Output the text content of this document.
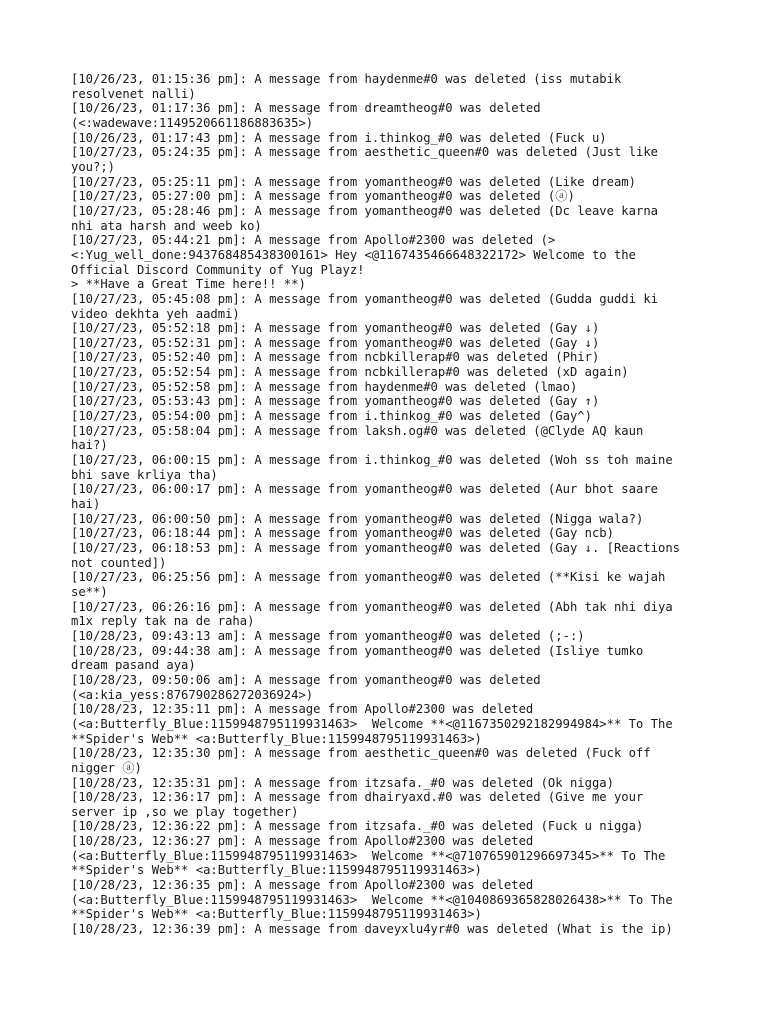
[10/26/23, 01:15:36 pm]: A message from haydenme#0 was deleted (iss mutabik
resolvenet nalli)
[10/26/23, 01:17:36 pm]: A message from dreamtheog#0 was deleted
(<:wadewave:1149520661186883635>)
[10/26/23, 01:17:43 pm]: A message from i.thinkog_#0 was deleted (Fuck u)
[10/27/23, 05:24:35 pm]: A message from aesthetic_queen#0 was deleted (Just like
you?;)
[10/27/23, 05:25:11 pm]: A message from yomantheog#0 was deleted (Like dream)
[10/27/23, 05:27:00 pm]: A message from yomantheog#0 was deleted (ⓐ)
[10/27/23, 05:28:46 pm]: A message from yomantheog#0 was deleted (Dc leave karna
nhi ata harsh and weeb ko)
[10/27/23, 05:44:21 pm]: A message from Apollo#2300 was deleted (>
<:Yug_well_done:943768485438300161> Hey <@1167435466648322172> Welcome to the
Official Discord Community of Yug Playz!
> **Have a Great Time here!! **)
[10/27/23, 05:45:08 pm]: A message from yomantheog#0 was deleted (Gudda guddi ki
video dekhta yeh aadmi)
[10/27/23, 05:52:18 pm]: A message from yomantheog#0 was deleted (Gay ↓)
[10/27/23, 05:52:31 pm]: A message from yomantheog#0 was deleted (Gay ↓)
[10/27/23, 05:52:40 pm]: A message from ncbkillerap#0 was deleted (Phir)
[10/27/23, 05:52:54 pm]: A message from ncbkillerap#0 was deleted (xD again)
[10/27/23, 05:52:58 pm]: A message from haydenme#0 was deleted (lmao)
[10/27/23, 05:53:43 pm]: A message from yomantheog#0 was deleted (Gay ↑)
[10/27/23, 05:54:00 pm]: A message from i.thinkog_#0 was deleted (Gay^)
[10/27/23, 05:58:04 pm]: A message from laksh.og#0 was deleted (@Clyde AQ kaun
hai?)
[10/27/23, 06:00:15 pm]: A message from i.thinkog_#0 was deleted (Woh ss toh maine
bhi save krliya tha)
[10/27/23, 06:00:17 pm]: A message from yomantheog#0 was deleted (Aur bhot saare
hai)
[10/27/23, 06:00:50 pm]: A message from yomantheog#0 was deleted (Nigga wala?)
[10/27/23, 06:18:44 pm]: A message from yomantheog#0 was deleted (Gay ncb)
[10/27/23, 06:18:53 pm]: A message from yomantheog#0 was deleted (Gay ↓. [Reactions
not counted])
[10/27/23, 06:25:56 pm]: A message from yomantheog#0 was deleted (**Kisi ke wajah
se**)
[10/27/23, 06:26:16 pm]: A message from yomantheog#0 was deleted (Abh tak nhi diya
m1x reply tak na de raha)
[10/28/23, 09:43:13 am]: A message from yomantheog#0 was deleted (;-:)
[10/28/23, 09:44:38 am]: A message from yomantheog#0 was deleted (Isliye tumko
dream pasand aya)
[10/28/23, 09:50:06 am]: A message from yomantheog#0 was deleted
(<a:kia_yess:876790286272036924>)
[10/28/23, 12:35:11 pm]: A message from Apollo#2300 was deleted
(<a:Butterfly_Blue:1159948795119931463>  Welcome **<@1167350292182994984>** To The
**Spider's Web** <a:Butterfly_Blue:1159948795119931463>)
[10/28/23, 12:35:30 pm]: A message from aesthetic_queen#0 was deleted (Fuck off
nigger ⓐ)
[10/28/23, 12:35:31 pm]: A message from itzsafa._#0 was deleted (Ok nigga)
[10/28/23, 12:36:17 pm]: A message from dhairyaxd.#0 was deleted (Give me your
server ip ,so we play together)
[10/28/23, 12:36:22 pm]: A message from itzsafa._#0 was deleted (Fuck u nigga)
[10/28/23, 12:36:27 pm]: A message from Apollo#2300 was deleted
(<a:Butterfly_Blue:1159948795119931463>  Welcome **<@710765901296697345>** To The
**Spider's Web** <a:Butterfly_Blue:1159948795119931463>)
[10/28/23, 12:36:35 pm]: A message from Apollo#2300 was deleted
(<a:Butterfly_Blue:1159948795119931463>  Welcome **<@1040869365828026438>** To The
**Spider's Web** <a:Butterfly_Blue:1159948795119931463>)
[10/28/23, 12:36:39 pm]: A message from daveyxlu4yr#0 was deleted (What is the ip)
